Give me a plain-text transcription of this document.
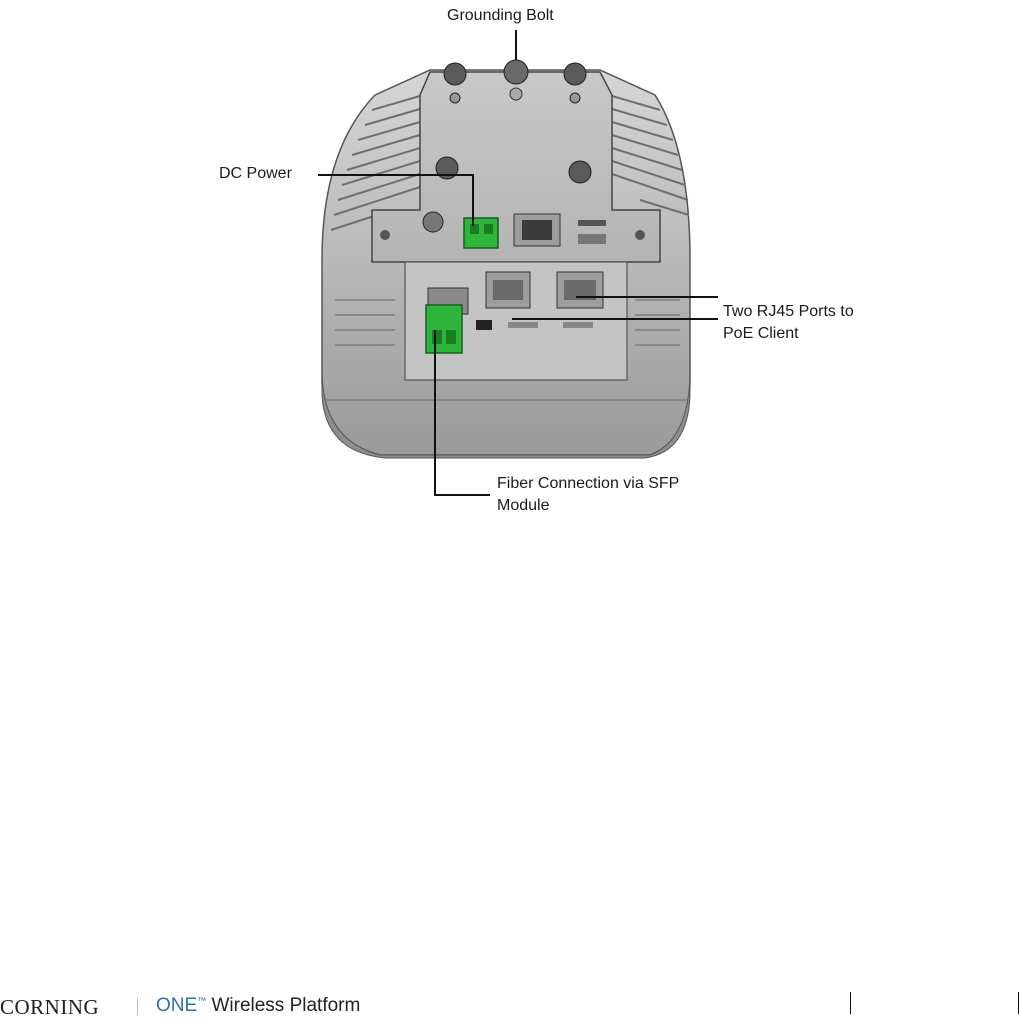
Grounding Bolt
DC Power
Two RJ45 Ports to
PoE Client
Fiber Connection via SFP
Module
CORNING	ONE™ Wireless Platform
